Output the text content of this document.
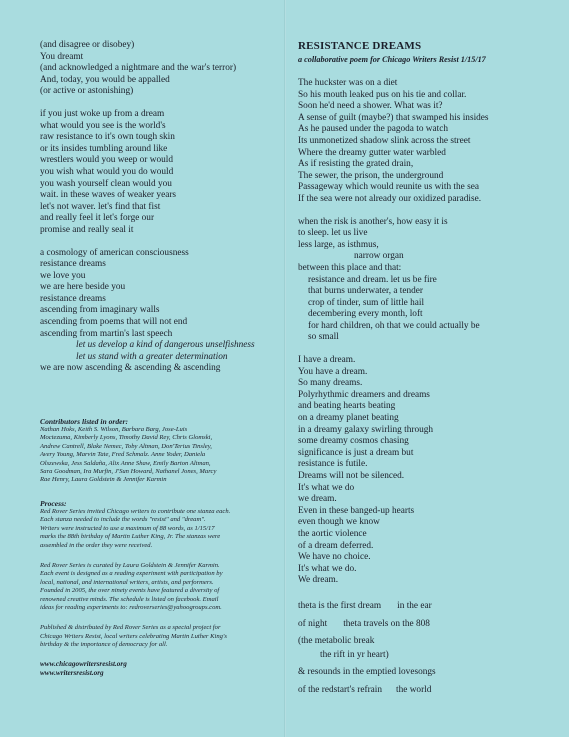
(and disagree or disobey)
You dreamt
(and acknowledged a nightmare and the war's terror)
And, today, you would be appalled
(or active or astonishing)
if you just woke up from a dream
what would you see is the world's
raw resistance to it's own tough skin
or its insides tumbling around like
wrestlers would you weep or would
you wish what would you do would
you wash yourself clean would you
wait. in these waves of weaker years
let's not waver. let's find that fist
and really feel it let's forge our
promise and really seal it
a cosmology of american consciousness
resistance dreams
we love you
we are here beside you
resistance dreams
ascending from imaginary walls
ascending from poems that will not end
ascending from martin's last speech
let us develop a kind of dangerous unselfishness
let us stand with a greater determination
we are now ascending & ascending & ascending
Contributors listed in order:
Nathan Hoks, Keith S. Wilson, Barbara Barg, Jose-Luis
Moctezuma, Kimberly Lyons, Timothy David Rey, Chris Glomski,
Andrew Cantrell, Blake Nemec, Toby Altman, Don'Terius Tinsley,
Avery Young, Marvin Tate, Fred Schmalz. Anne Yoder, Daniela
Olszewska, Jess Saldaña, Alix Anne Shaw, Emily Barton Altman,
Sara Goodman, Ira Murfin, J'Sun Howard, Nathanel Jones, Marcy
Rae Henry, Laura Goldstein & Jennifer Karmin
Process:
Red Rover Series invited Chicago writers to contribute one stanza each.
Each stanza needed to include the words "resist" and "dream".
Writers were instructed to use a maximum of 88 words, as 1/15/17
marks the 88th birthday of Martin Luther King, Jr. The stanzas were
assembled in the order they were received.
Red Rover Series is curated by Laura Goldstein & Jennifer Karmin.
Each event is designed as a reading experiment with participation by
local, national, and international writers, artists, and performers.
Founded in 2005, the over ninety events have featured a diversity of
renowned creative minds. The schedule is listed on facebook. Email
ideas for reading experiments to: redroverseries@yahoogroups.com.
Published & distributed by Red Rover Series as a special project for
Chicago Writers Resist, local writers celebrating Martin Luther King's
birthday & the importance of democracy for all.
www.chicagowritersresist.org
www.writersresist.org
RESISTANCE DREAMS
a collaborative poem for Chicago Writers Resist 1/15/17
The huckster was on a diet
So his mouth leaked pus on his tie and collar.
Soon he'd need a shower. What was it?
A sense of guilt (maybe?) that swamped his insides
As he paused under the pagoda to watch
Its unmonetized shadow slink across the street
Where the dreamy gutter water warbled
As if resisting the grated drain,
The sewer, the prison, the underground
Passageway which would reunite us with the sea
If the sea were not already our oxidized paradise.
when the risk is another's, how easy it is
to sleep. let us live
less large, as isthmus,
narrow organ
between this place and that:
resistance and dream. let us be fire
that burns underwater, a tender
crop of tinder, sum of little hail
decembering every month, loft
for hard children, oh that we could actually be
so small
I have a dream.
You have a dream.
So many dreams.
Polyrhythmic dreamers and dreams
and beating hearts beating
on a dreamy planet beating
in a dreamy galaxy swirling through
some dreamy cosmos chasing
significance is just a dream but
resistance is futile.
Dreams will not be silenced.
It's what we do
we dream.
Even in these banged-up hearts
even though we know
the aortic violence
of a dream deferred.
We have no choice.
It's what we do.
We dream.
theta is the first dream in the ear
of night theta travels on the 808
(the metabolic break
the rift in yr heart)
& resounds in the emptied lovesongs
of the redstart's refrain the world
